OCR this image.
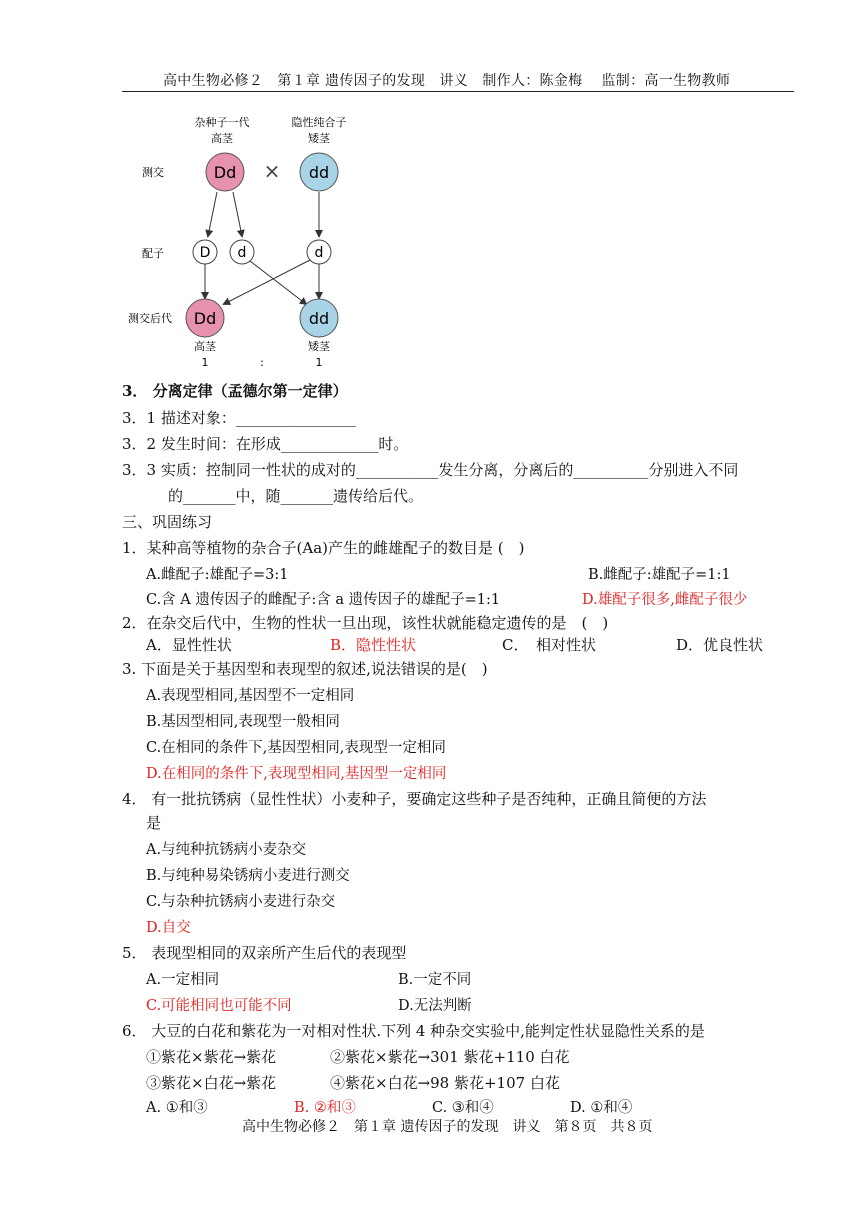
高中生物必修２　第１章 遗传因子的发现　讲义　制作人：陈金梅　 监制：高一生物教师
杂种子一代
高茎
隐性纯合子
矮茎
测交
配子
测交后代
Dd × dd
D d	d
Dd	dd
高茎	矮茎
1	:	1
3． 分离定律（孟德尔第一定律）
3．1 描述对象：________________
3．2 发生时间：在形成_____________时。
3．3 实质：控制同一性状的成对的___________发生分离，分离后的__________分别进入不同
的_______中，随_______遗传给后代。
三、巩固练习
1．某种高等植物的杂合子(Aa)产生的雌雄配子的数目是 (　)
A.雌配子:雄配子=3:1	B.雌配子:雄配子=1:1
C.含 A 遗传因子的雌配子:含 a 遗传因子的雄配子=1:1	D.雄配子很多,雌配子很少
2．在杂交后代中，生物的性状一旦出现，该性状就能稳定遗传的是　(　)
A．显性性状	B．隐性性状	C．　相对性状	D．优良性状
3. 下面是关于基因型和表现型的叙述,说法错误的是(　)
A.表现型相同,基因型不一定相同
B.基因型相同,表现型一般相同
C.在相同的条件下,基因型相同,表现型一定相同
D.在相同的条件下,表现型相同,基因型一定相同
4． 有一批抗锈病（显性性状）小麦种子，要确定这些种子是否纯种，正确且简便的方法
是
A.与纯种抗锈病小麦杂交
B.与纯种易染锈病小麦进行测交
C.与杂种抗锈病小麦进行杂交
D.自交
5． 表现型相同的双亲所产生后代的表现型
A.一定相同	B.一定不同
C.可能相同也可能不同	D.无法判断
6． 大豆的白花和紫花为一对相对性状.下列 4 种杂交实验中,能判定性状显隐性关系的是
①紫花×紫花→紫花	②紫花×紫花→301 紫花+110 白花
③紫花×白花→紫花	④紫花×白花→98 紫花+107 白花
A. ①和③	B. ②和③	C. ③和④	D. ①和④
高中生物必修２　第１章 遗传因子的发现　讲义　第８页　共８页
